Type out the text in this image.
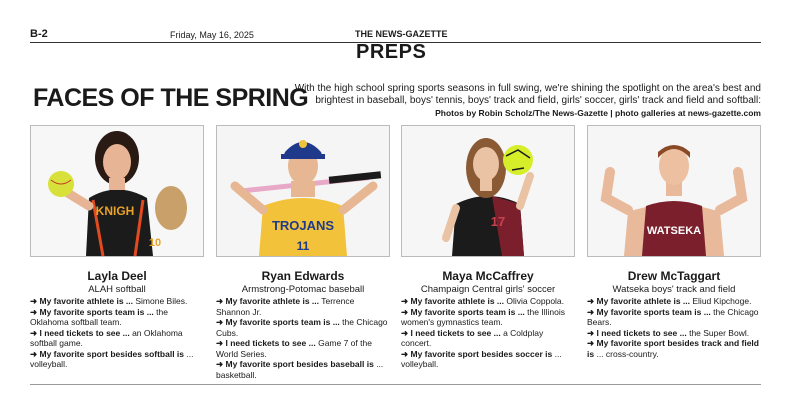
B-2	Friday, May 16, 2025	THE NEWS-GAZETTE
PREPS
FACES OF THE SPRING
With the high school spring sports seasons in full swing, we're shining the spotlight on the area's best and brightest in baseball, boys' tennis, boys' track and field, girls' soccer, girls' track and field and softball:
Photos by Robin Scholz/The News-Gazette | photo galleries at news-gazette.com
KNIGH
10
Layla Deel
ALAH softball
➜ My favorite athlete is ... Simone Biles.
➜ My favorite sports team is ... the Oklahoma softball team.
➜ I need tickets to see ... an Oklahoma softball game.
➜ My favorite sport besides softball is ... volleyball.
TROJANS
11
Ryan Edwards
Armstrong-Potomac baseball
➜ My favorite athlete is ... Terrence Shannon Jr.
➜ My favorite sports team is ... the Chicago Cubs.
➜ I need tickets to see ... Game 7 of the World Series.
➜ My favorite sport besides baseball is ... basketball.
17
Maya McCaffrey
Champaign Central girls' soccer
➜ My favorite athlete is ... Olivia Coppola.
➜ My favorite sports team is ... the Illinois women's gymnastics team.
➜ I need tickets to see ... a Coldplay concert.
➜ My favorite sport besides soccer is ... volleyball.
WATSEKA
Drew McTaggart
Watseka boys' track and field
➜ My favorite athlete is ... Eliud Kipchoge.
➜ My favorite sports team is ... the Chicago Bears.
➜ I need tickets to see ... the Super Bowl.
➜ My favorite sport besides track and field is ... cross-country.
